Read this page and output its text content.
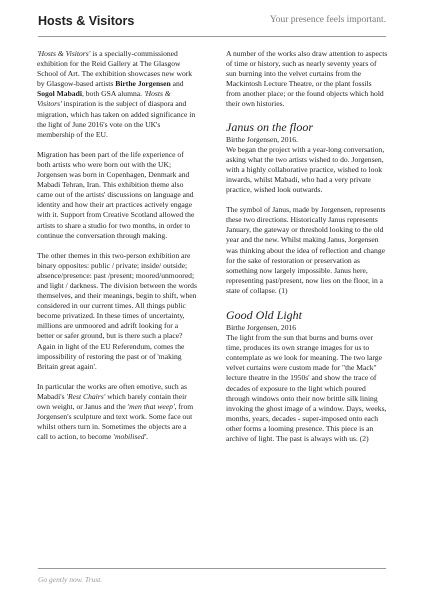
Hosts & Visitors	Your presence feels important.

'Hosts & Visitors' is a specially-commissioned exhibition for the Reid Gallery at The Glasgow School of Art. The exhibition showcases new work by Glasgow-based artists Birthe Jorgensen and Sogol Mabadi, both GSA alumna. 'Hosts & Visitors' inspiration is the subject of diaspora and migration, which has taken on added significance in the light of June 2016's vote on the UK's membership of the EU.

Migration has been part of the life experience of both artists who were born out with the UK; Jorgensen was born in Copenhagen, Denmark and Mabadi Tehran, Iran. This exhibition theme also came out of the artists' discussions on language and identity and how their art practices actively engage with it. Support from Creative Scotland allowed the artists to share a studio for two months, in order to continue the conversation through making.

The other themes in this two-person exhibition are binary opposites: public / private; inside/ outside; absence/presence: past /present; moored/unmoored; and light / darkness. The division between the words themselves, and their meanings, begin to shift, when considered in our current times. All things public become privatized. In these times of uncertainty, millions are unmoored and adrift looking for a better or safer ground, but is there such a place? Again in light of the EU Referendum, comes the impossibility of restoring the past or of 'making Britain great again'.

In particular the works are often emotive, such as Mabadi's 'Rest Chairs' which barely contain their own weight, or Janus and the 'men that weep', from Jorgensen's sculpture and text work. Some face out whilst others turn in. Sometimes the objects are a call to action, to become 'mobilised'.

A number of the works also draw attention to aspects of time or history, such as nearly seventy years of sun burning into the velvet curtains from the Mackintosh Lecture Theatre, or the plant fossils from another place; or the found objects which hold their own histories.

Janus on the floor
Birthe Jorgensen, 2016.

We began the project with a year-long conversation, asking what the two artists wished to do. Jorgensen, with a highly collaborative practice, wished to look inwards, whilst Mabadi, who had a very private practice, wished look outwards.

The symbol of Janus, made by Jorgensen, represents these two directions. Historically Janus represents January, the gateway or threshold looking to the old year and the new. Whilst making Janus, Jorgensen was thinking about the idea of reflection and change for the sake of restoration or preservation as something now largely impossible. Janus here, representing past/present, now lies on the floor, in a state of collapse. (1)

Good Old Light
Birthe Jorgensen, 2016

The light from the sun that burns and burns over time, produces its own strange images for us to contemplate as we look for meaning. The two large velvet curtains were custom made for "the Mack" lecture theatre in the 1950s' and show the trace of decades of exposure to the light which poured through windows onto their now brittle silk lining invoking the ghost image of a window. Days, weeks, months, years, decades - super-imposed onto each other forms a looming presence. This piece is an archive of light. The past is always with us. (2)

Go gently now. Trust.
